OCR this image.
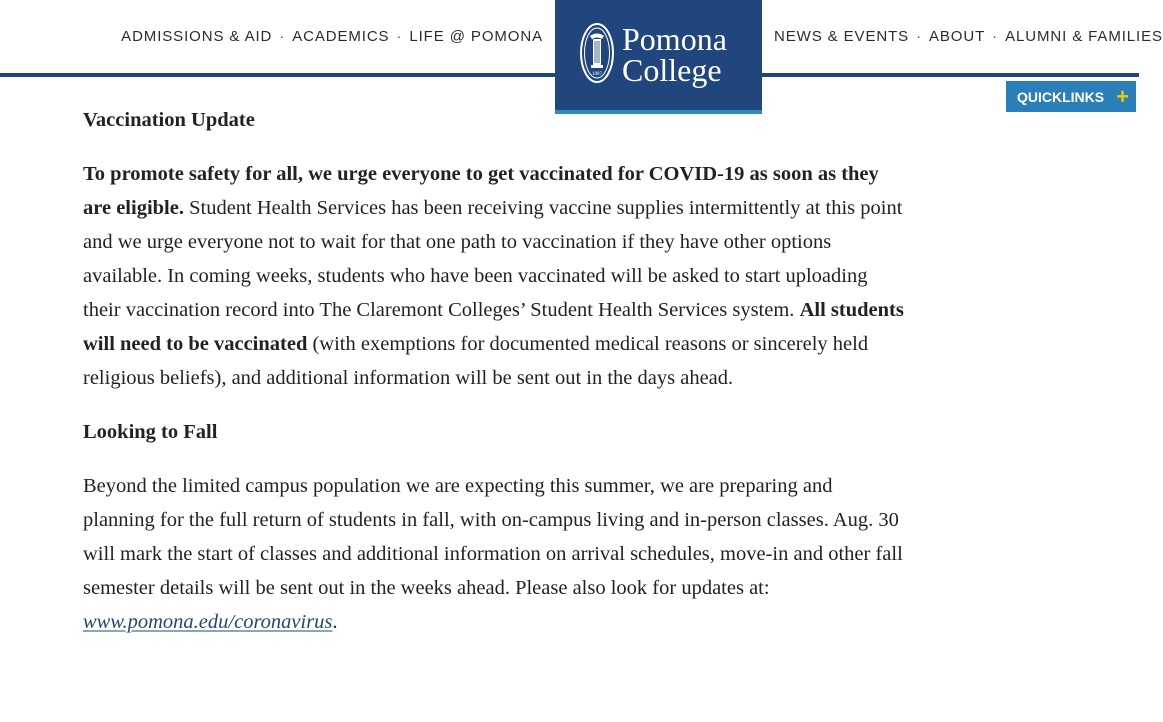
ADMISSIONS & AID · ACADEMICS · LIFE @ POMONA
1887
Pomona
College
NEWS & EVENTS · ABOUT · ALUMNI & FAMILIES
QUICKLINKS +

Vaccination Update

To promote safety for all, we urge everyone to get vaccinated for COVID-19 as soon as they are eligible. Student Health Services has been receiving vaccine supplies intermittently at this point and we urge everyone not to wait for that one path to vaccination if they have other options available. In coming weeks, students who have been vaccinated will be asked to start uploading their vaccination record into The Claremont Colleges’ Student Health Services system. All students will need to be vaccinated (with exemptions for documented medical reasons or sincerely held religious beliefs), and additional information will be sent out in the days ahead.

Looking to Fall

Beyond the limited campus population we are expecting this summer, we are preparing and planning for the full return of students in fall, with on-campus living and in-person classes. Aug. 30 will mark the start of classes and additional information on arrival schedules, move-in and other fall semester details will be sent out in the weeks ahead. Please also look for updates at: www.pomona.edu/coronavirus.
